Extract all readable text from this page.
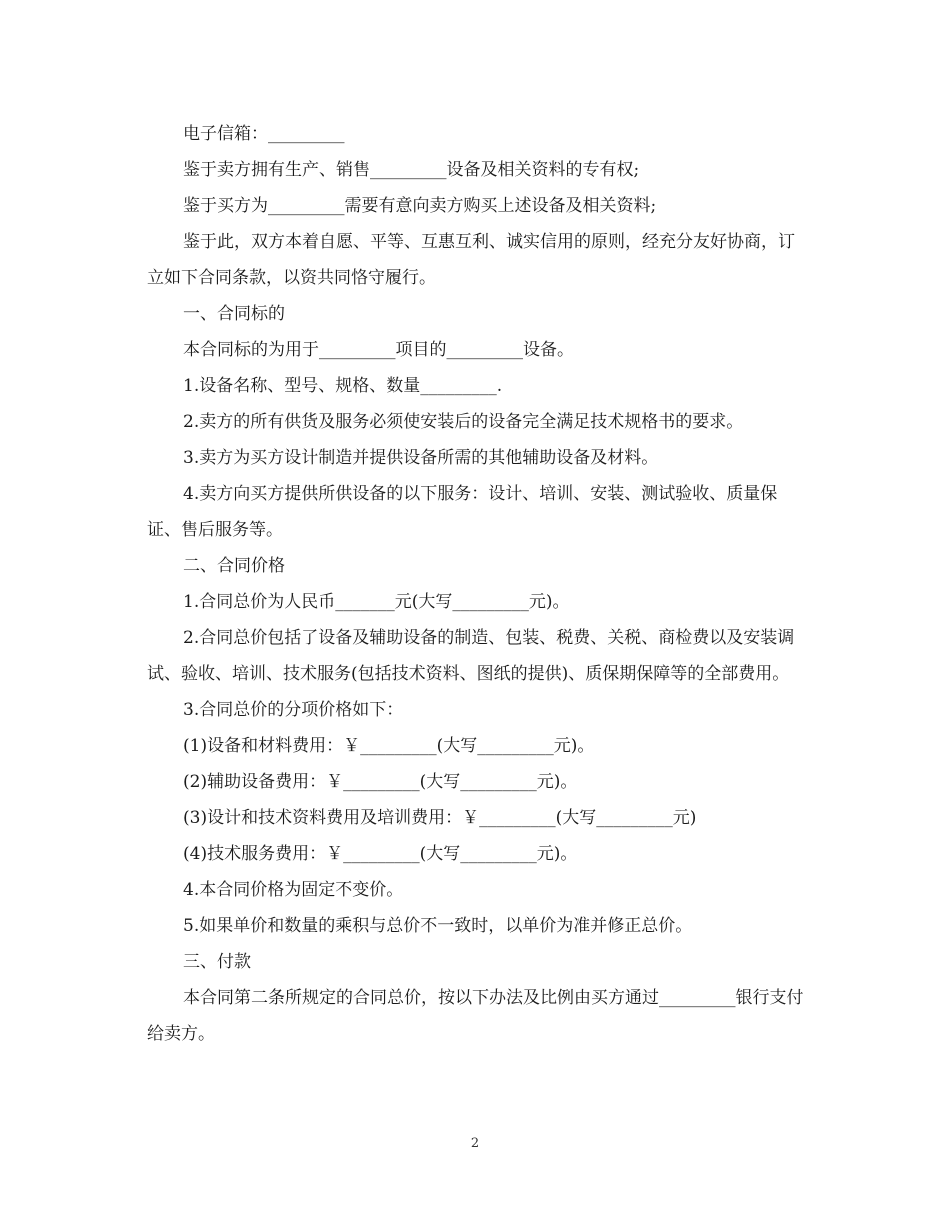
电子信箱：_________

鉴于卖方拥有生产、销售_________设备及相关资料的专有权;

鉴于买方为_________需要有意向卖方购买上述设备及相关资料;

鉴于此，双方本着自愿、平等、互惠互利、诚实信用的原则，经充分友好协商，订立如下合同条款，以资共同恪守履行。

一、合同标的

本合同标的为用于_________项目的_________设备。

1.设备名称、型号、规格、数量_________.

2.卖方的所有供货及服务必须使安装后的设备完全满足技术规格书的要求。

3.卖方为买方设计制造并提供设备所需的其他辅助设备及材料。

4.卖方向买方提供所供设备的以下服务：设计、培训、安装、测试验收、质量保证、售后服务等。

二、合同价格

1.合同总价为人民币_______元(大写_________元)。

2.合同总价包括了设备及辅助设备的制造、包装、税费、关税、商检费以及安装调试、验收、培训、技术服务(包括技术资料、图纸的提供)、质保期保障等的全部费用。

3.合同总价的分项价格如下：

(1)设备和材料费用：￥_________(大写_________元)。

(2)辅助设备费用：￥_________(大写_________元)。

(3)设计和技术资料费用及培训费用：￥_________(大写_________元)

(4)技术服务费用：￥_________(大写_________元)。

4.本合同价格为固定不变价。

5.如果单价和数量的乘积与总价不一致时，以单价为准并修正总价。

三、付款

本合同第二条所规定的合同总价，按以下办法及比例由买方通过_________银行支付给卖方。

2
